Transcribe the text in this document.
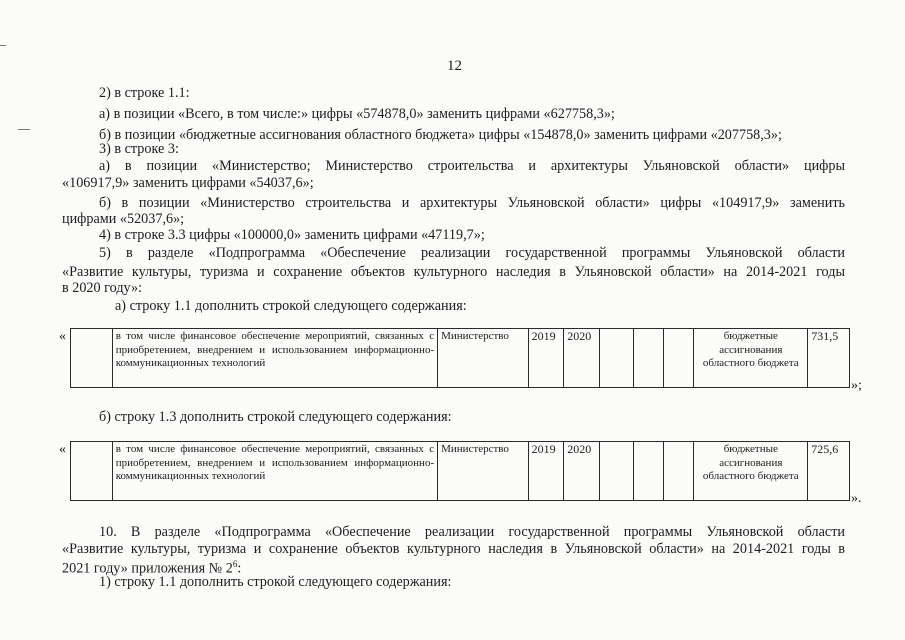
12
2) в строке 1.1:
а) в позиции «Всего, в том числе:» цифры «574878,0» заменить цифрами «627758,3»;
б) в позиции «бюджетные ассигнования областного бюджета» цифры «154878,0» заменить цифрами «207758,3»;
3) в строке 3:
а) в позиции «Министерство; Министерство строительства и архитектуры Ульяновской области» цифры
«106917,9» заменить цифрами «54037,6»;
б) в позиции «Министерство строительства и архитектуры Ульяновской области» цифры «104917,9» заменить
цифрами «52037,6»;
4) в строке 3.3 цифры «100000,0» заменить цифрами «47119,7»;
5) в разделе «Подпрограмма «Обеспечение реализации государственной программы Ульяновской области
«Развитие культуры, туризма и сохранение объектов культурного наследия в Ульяновской области» на 2014-2021 годы
в 2020 году»:
а) строку 1.1 дополнить строкой следующего содержания:
«
		в том числе финансовое обеспечение мероприятий, связанных с приобретением, внедрением и использованием информационно-коммуникационных технологий	Министерство	2019	2020				бюджетные ассигнования областного бюджета	731,5
»;
б) строку 1.3 дополнить строкой следующего содержания:
«
		в том числе финансовое обеспечение мероприятий, связанных с приобретением, внедрением и использованием информационно-коммуникационных технологий	Министерство	2019	2020				бюджетные ассигнования областного бюджета	725,6
».
10. В разделе «Подпрограмма «Обеспечение реализации государственной программы Ульяновской области
«Развитие культуры, туризма и сохранение объектов культурного наследия в Ульяновской области» на 2014-2021 годы в
2021 году» приложения № $2^6$:
1) строку 1.1 дополнить строкой следующего содержания:
